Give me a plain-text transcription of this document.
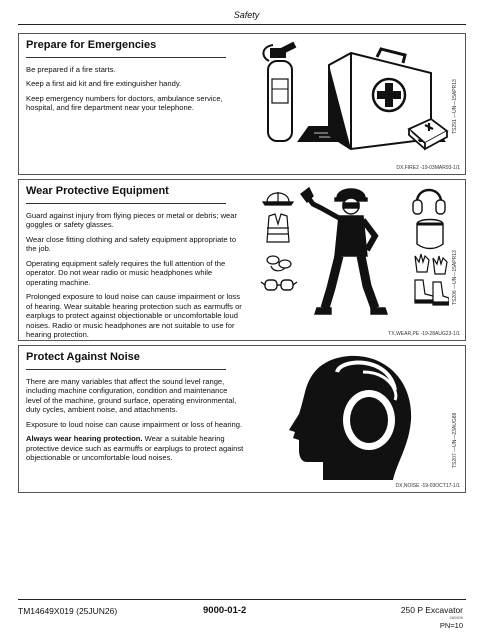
Safety
Prepare for Emergencies

Be prepared if a fire starts.

Keep a first aid kit and fire extinguisher handy.

Keep emergency numbers for doctors, ambulance service, hospital, and fire department near your telephone.	TS291 —UN—15APR13
DX,FIRE2 -19-03MAR93-1/1
Wear Protective Equipment

Guard against injury from flying pieces or metal or debris; wear goggles or safety glasses.

Wear close fitting clothing and safety equipment appropriate to the job.

Operating equipment safely requires the full attention of the operator. Do not wear radio or music headphones while operating machine.

Prolonged exposure to loud noise can cause impairment or loss of hearing. Wear suitable hearing protection such as earmuffs or earplugs to protect against objectionable or uncomfortable loud noises. Radio or music headphones are not suitable to use for hearing protection.

TS206 —UN—15APR13
TX,WEAR,PE -19-28AUG23-1/1
Protect Against Noise

There are many variables that affect the sound level range, including machine configuration, condition and maintenance level of the machine, ground surface, operating environmental, duty cycles, ambient noise, and attachments.

Exposure to loud noise can cause impairment or loss of hearing.

Always wear hearing protection. Wear a suitable hearing protective device such as earmuffs or earplugs to protect against objectionable or uncomfortable loud noises.	TS207 —UN—23AUG88
DX,NOISE -19-03OCT17-1/1
TM14649X019 (25JUN26)	9000-01-2	250 P Excavator
060506
PN=10
